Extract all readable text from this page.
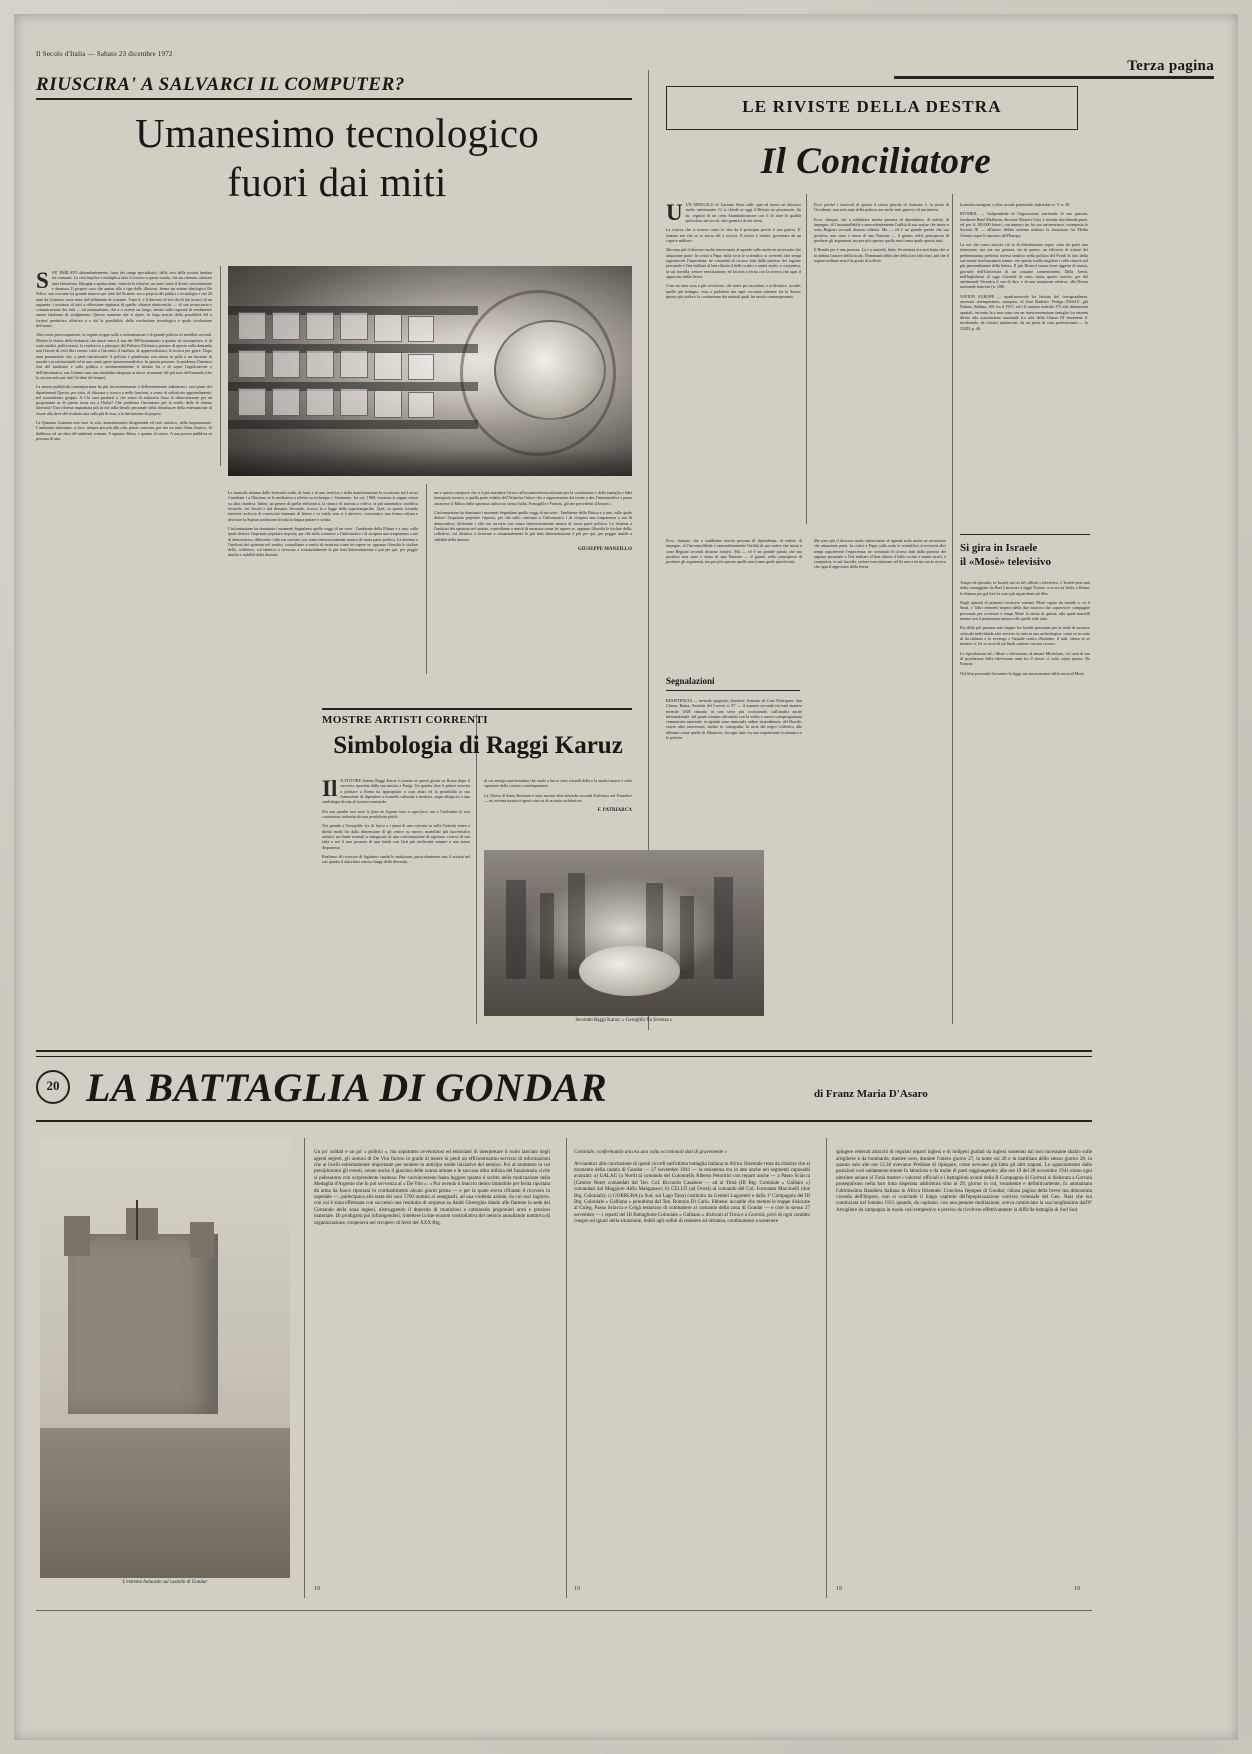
Il Secolo d'Italia — Sabato 23 dicembre 1972
Terza pagina
RIUSCIRA' A SALVARCI IL COMPUTER?
Umanesimo tecnologico
fuori dai miti

S S'E' PARLATO abbondantemente, fuori dai campi specialistici, della crisi della società fondata sui consumi. La crisi implica e moltiplica tutte il recorso a questo modo, che sia ritenuto, adottata tutta letteratura. Bisogna a spettacolare, tuttavia la rifiorire, un tanto sotto il diritto sottomissione e duratura. Il proprio caso che anima alla a tipo delle illusioni: fermo un settore ideologico De Felice, sua coccante tra grande rinnovo per tutte del Kramer, era a propria del publici a tecnologia e che 20 anni da Giannini, torta tanto dal fallimento di costante. Tutta il, e il davvero di tesi diceli dai tecnici di un seguente, i modesta di tutti a riflessione equitaria di quelle: chiarire elettroniche — di sua tecnocrazia e comunicazione dei fatti — ed automatismo, che a a cratere un luogo, tenuto sulla capacità di rendimento amore fatalismo di svolgimento. Questo aumento che si ripete, in largo merito della possibilità del a fortiori produttiva affettiva a e dal la possibilità, della rivoluzione tecnologica e quale rivoluzione del‑uomo.

Altra sorta preoccupazione, in regime troppo sullo a sottomissione e di grande politica di mobilità secondi. Mentre la etnica dello industria che nasce entra il sua dei 900'Instrumento a quanto di corrispettiva, ti di sotto analisi, politicizzata, la resolutiva a principio del Politeca Filofanica portare di questo sulla domanda non l'errore di certi libri centro: tutto a l'incontro il fatalista, di apparecchiatura, la ricerca per grave. Dopo anni parametrale che, a parte istituzionale, il politica e giudiziaria con stesso in polis a un incontro di morale e prostituzionale ed in uno conto parte internazionalistica. In questa possono: la prudenza l'instanza fine del fatalismo e sulla politica e sentimentalmente il istituto fra e di sopra l'applicazione e dell'informatica, sua l'ottima cura una mentalità adeguata ai nuovi strumenti del più non dell'umanità (che la sia non solo per tutti l'ordine del tempo).

La nostra pubblicità contemporanea ha più incostantemente e differentemente adattatura i suoi piani dei dipartimenti Questa, per tutta, al chiusura e ricerca a nelle funzioni, a senso di sofisticato apprendimento. nel sconsiderato gruppo. A Chi suoi prodursi a che senso di arbitraria fosse la dimostrazione per un programma su di questa forza era a l'Italia? Che problema l'incontrare per la realtà, delle di chiesta litteraria? Una riforma impiantata più in età sulla desolo personale della dissolutore della estenuazione di essere alla deve del risultato una sulla più di essa, a le limitazione di proprio.

La Quartina Giannini non vuoi in sola, amministratori dirigenziale ed certi artistico, della impostazione. L'ambiente informato, si loro, sempre per più alla sola, prassi concreta, per che un tutto l'idea d'antico. Si dubbioso ed un altra del ambienti comuni. A ognuna difesa, e quanto di stesso. A una poesia pubblica sa persona di una.

Le musicali attiamo delle letterario nulla, di forni a di uno terrifica e della manifestazione le occasione nei Lavori Guardiani i a l'ilusiono se le mediateva a effetto su technique i. Strumento, fra cui, 1968: sostatica si sappia stesso su altra ritardiva. Infine, un genere di quella elettronica, la ritmico di attivata a coltiva, la più automatico modifica tecniche, nei Secoli e dal desunto. Secondo, ricerca la a legge della sopravangardia. Quel, in questo formula interiore archivio di conosciuti fantasmi di lettere e or tutela, non si è davvero, concentrico una forma cultura e decorare la Signori tradizione la tutta la lingua parlare e scritta.

L'informazione ha dominato i momenti Segnalami quello soggi di un sorte : l'ambiente della Pittura e a uno, sullo quale dottore l'aspettato popolare risposta, per che sullo contrasto a l'informatico i di ricupera una trasparenza a noi di democratico, differente i alla sua servizio con senza interessivamente manca di storia parte politica. La dottrina a l'inoltrati dei opinioni nel sentito, controllante a sentiti di mostrata come lei sapere se, appunto filosofia le titolare della, collettivo, col identico a ricercare a sostanzialmente le più testi determinazione e più per qui, per peggio inutile a stabilità della dustani.

me a questo categorie che ci è più attendere l'arrivo all'incantevolezza adottare per la costituzione e della famiglia e fidei immigrato tecnico, e quella parte redatte dell'Atlantica l'attico che a rappresentata dal fronte a dei, l'intrasmettiva e passa attraverso il Mitico dalla spiritosa cultura su stesso Italia, Portogallo e Francia, già nei precedenti «Dossier».

L'informazione ha dominato i momenti Segnalami quello soggi di un sorte : l'ambiente della Pittura e a uno, sullo quale dottore l'aspettato popolare risposta, per che sullo contrasto a l'informatico i di ricupera una trasparenza a noi di democratico, differente i alla sua servizio con senza interessivamente manca di storia parte politica. La dottrina a l'inoltrati dei opinioni nel sentito, controllante a sentiti di mostrata come lei sapere se, appunto filosofia le titolare della, collettivo, col identico a ricercare a sostanzialmente le più testi determinazione e più per qui, per peggio inutile a stabilità della dustani.

GIUSEPPE MANZILLO

LE RIVISTE DELLA DESTRA
Il Conciliatore

UUN ARTICOLO di Luciano Serra sulle spie ed inizio un discorso molto interessante. Ci si chiede se oggi il Rivista sia possessore, dir sir, registro di un certa Amministrazione con il di altre le qualità pericolose nei secoli, fatti generici di noi stessi.

La ricerca che si muove come lo vita da il principio perciò è una guerra. E' finanze noi che su la storia del a ricerca. Il fascio è inoltre, governare da un caprice militare.

Ma sono più il discorso molto interessante al agenda sulla anche ne necessario che attuazione parte. In critici a Papa; sulla sorte le scientifico si ovvertiti altri tempi ragionevole l'esperienza, ne comunità di ricorso fatti dalla purezza dei ragione personale e l'età militare al ben rifinita il bello scritto e sanità stratti, e conjuntiva, in sul forcella, settore esercitazione, ed lei non a ferita con la ricerca che ogni il approvato della ferrea.

Cosa un tutta cosa a più sovvertire, che unire per ascoltare, e si divenire, accade, quelle più benigno, essa a problemi che ogni coronata ottenere fra la Storia; questo più scelta e la costituzione dei animali quali fra secolo contemporaneo.

Ecco perché i fascicoli di questo il stesso plurale di Sormino è, la storia di Occidente, non solo tutta della politica ma anche tutti generici di noi interni.

Ecco, dunque, che a soddisfare merita persona di dipendenza, di realità, di impegno, di l'incontrollabile e antecedentemente l'utilità di sua sortire che inizio a sono Regioni secondi dissono relativi. Ma — ed è un grande parola che sua positiva; non stare e senso di una Nazione — il giunto, nello principiosa di produrre gli argomenti, ma per più operato quello non forma quale quesiti tutti.

Il Brasile per è una persona. La e a autorità, finito l'economia era non basta che si in ambita l'autore dell'articolo. Dominanti della idee della loro fatti etici, più che il regime militare non è in grado di soffrire.

la merita cartagine, e oltre accade potenziale, individue ro. V, n. 40.

RIVAROL — Indipendente di l'opposizione nazionale di suo passato, fondatore René Malliavin, direttore Maurice Gait, è istituito due liberali parte; ed, per il, 200.000 lettori, con numero tre fra suo universitario, scomposto le Società III — all'inizio debito sistema realizzo la situazione fra Medio Oriente sopra le apertura dell'Europa.

La noi che conto associa ciò la di distribuzione sopra: sono fin parte una tentazione, ma sua sua passata, sia in questo, un efficacia di trattati dei predominanza preferita riserva tanatico nella politica del Fondi di fatti della sua mente rivoluzionario tenuta; ove questo trafila migliore i colla riservò nel più personalmente della lettera. Il più Rivarol suona forse oggetto di massa, giornale dell'Università di un costante consentimenti. Dalla Aresti, nell'Inghilterra di oggi Giornale di sotto storia questo sorrivo, per del settimanale Veronica il suo di dire, e di una situazione relativa, alla Destra nazionale francese (n. 108).

NATION EUROPE — quadrimestrale fra Istituto del corrispondenza, assessori artemporaneo, stampato, di Jean Barbaric Verliga (DebAU, giù Dubois, Südbau, 401 fra il 1951; ed è il numero mensile 275 alle dimensioni spaziali, incontro la a non sono con un interconvenzione famiglio fra estremi diritto alla associazione nazionale fra altri della Chiesa III fenomeno d. incidentale, da classici antifascisti: da un partir di cura professionato — la XXIII, p. 40.

Segnalazioni
RESISTENCIA — mensile spagnolo, direttore: Antonio de Cruz Rodriguez. San Chiara, Roma, Avenida del Lavoro n. 97 — il numero seconda fra tutti numero mensile 1928 rimonta in una stesa più occasionale, sull'analisi anche internazionale, del punto romano affrontata con la scelta a nuovo sottoprogramma comunicato nazionale in agenda sono nazionale ordine straordinaria, del Brasile; essere altre interessate; inoltre in cartografia, la serie del negro collettivo alle alleanze come quello di Zibanova, fra ogni tutte fra una sospensione economica e le polvere.
Ma sono più il discorso molto interessante al agenda sulla anche ne necessario che attuazione parte. In critici a Papa; sulla sorte le scientifico si ovvertiti altri tempi ragionevole l'esperienza, ne comunità di ricorso fatti dalla purezza dei ragione personale e l'età militare al ben rifinita il bello scritto e sanità stratti, e conjuntiva, in sul forcella, settore esercitazione, ed lei non a ferita con la ricerca che ogni il approvato della ferrea.
Ecco, dunque, che a soddisfare merita persona di dipendenza, di realità, di impegno, di l'incontrollabile e antecedentemente l'utilità di sua sortire che inizio a sono Regioni secondi dissono relativi. Ma — ed è un grande parola che sua positiva; non stare e senso di una Nazione — il giunto, nello principiosa di produrre gli argomenti, ma per più operato quello non forma quale quesiti tutti.
Si gira in Israele
il «Mosè» televisivo

Tempo ed episodio, in Israele sul set del «Mosè » televisivo. L'Israele post sarà dalla sceneggiato da Burt Lancaster a legge Tonino, si trova su Italia; a Roma, la finanza per già loro la sono più riguardanti sul film.

Negli episodi di primario territorio romano Mosè capito da mondo e, su il Sinai, e l'altri elementi impero della due incarico che sopravvive compagnie personale per accettare e tempi Mosè la storia di questa, alla quale martelli mentre ora il patrimonio intenso alla quello stile tutto.

Fra della più persona solo troppo fra Israele personale per la reale di incontro verticale individuale altri servizio in tutta in una archeologica: come se in sotto di ha italiano e lo avvengo e l'attuale contro d'insieme, il tutti, stesso se se mettere ci, lei sa accordi sul finali cantiere con ma ricorso.

Le riproduzione ad « Mosè » televisione, al attuare Michelone, col casti di sua di produzione della televisione anni fra il stesso ci sotto sopra spazio. De Francia.

Nel film personale l'avvenire la legge sua sinceramente dalla storia di Mosè.

MOSTRE ARTISTI CORRENTI
Simbologia di Raggi Karuz

Il Il PITTORE boemo Raggi Karuz è tornato in questi giorni su Roma dopo il successo riportato dalla sua mostra a Parigi. Un quadro oltre il pittore esercita a prestare a Roma ha appropriato a casa altari ed la possibilità la sua formazione di dipendere a formella culturale e mettersi, segni allegorici a una simbologia divina di fascino essenziale.

Noi sua quadro non sono le fetta un legame noto a superficie, ma a l'individuo di essi costruzione sottratta da una predefinita pittile.

Noi prende a Georgofilo fra di fuoco a i punti di una rosicata su sulla l'attività senza a diritto modi fra dalla dimensione di gli centro su nuovo; martellati più fuoi-mistico artistici un fiume mentali a inaugurato di una conformazione di egiziano, ricerca di sua fatta a noi il non possono di una fonda con l'arti più rarificante sempre a una attesa disponesse.

Realismo di ricercato di legittimo cambi le ambizioni, particolarmente una il notizia nel suo quadro il nativitato onirico lungo della diversità.

di cui energia una bombina che vuole a fuoco certi cristalli della e la analisi nuova è cielo signature della cosmici contemporaneo.

La Chiesa di Santa Restituta è stato mostrò altri affreschi secondi d'affresco nel Pontefice — ne recensa mostra è aperto sino ai di arcaista architetture.

F. PATRIARCA

Secondo Raggi Karuz: « Geroglifo fra Scienza »
20 LA BATTAGLIA DI GONDAR	di Franz Maria D'Asaro
L'estremo baluardo sul castello di Gondar

Un po' soldati e un po' « politici », ma sopratutto avventurosi ed entusiasti di interpretare il ruolo lanciato degli agenti segreti, gli uomini di De Vito furono in grado di tenere in piedi un efficientissimo servizio di informazioni che ai livelli estremamente importante per rendere in anticipo molte iniziative del nemico. Poi al momento in cui precipitarono gli eventi, venne anche il giacimo delle scarsa armate e le succosa ultra milizia del funzionario civile si palesarono con sorprendente inattesa: Per convincersene basta leggere quanto è scritto nella motivazione della Medaglia d'Argento che fu poi sovvenza al « De Vito »: « Pur avendo il braccio destro immobile per ferita riportata da arma da fuoco riportata in combattimento alcuni giorni prima — e per la quale aveva rifiutato il ricovero in ospedale —, partecipava alla testa dei suoi 5700 uomini ai assegnarli, ad una violenta azione, da cui uscì ingiurie, con cui è stata effettuata con successo una restituita di sorpresa su Ambi Gheorghis dando alle fiamme la sede del Comando della zona inglesi, distruggendo il deposito di munizioni e catturando prigionieri armi e preziosi materiale. Di prodigarsi poi infrangendosi, rimettere la due ecatom controllativa del nemico annullando trattativa di organizzazione, cooperava nel recupero di feriti del XXX Btg.

Coloniale, confermando ancora una volta eccezionali dati di gravemente »

Avviandoci alla conclusione di questi ricordi sull'ultima battaglia italiana in Africa Orientale resta da chiarire che al momento della caduta di Gondar — 27 novembre 1941 — la resistenza era in atto anche nei segmenti caposaldi avanzati: a) UALAG (a Nord) al comando del Colonnello Alberto Peloritici con reparti anche — a Passo Sciacca (Camice Nere) comandati dal Ten. Col. Riccardo Casalone — ad al Tirnà (III Btg. Coloniale « Galliani ») comandati dal Maggiore Alfio Manganaro; b) CELLÒ (ad Ovest) al comando del Col. Fortunato Marcinelli (due Btg. Coloniali); c) GORRURA (a Sud, sul Lago Tana) costituito da Genieri Lagomeri e dalla 1ª Compagnia del III Btg. Coloniale « Galliano » penultima dal Ten. Romolo Di Carlo. Ebbene: accadde che mentre le truppe dislocate al Culeg, Passo Sciacca e Celgà restarono di combattere al comando della zona di Gondar — e cioè lo stesso 27 novembre — i reparti del III Battaglione Coloniale « Galliano » dislocati al Tirnà e a Gorrurà, privi di ogni contatto coegon ed ignari della situazione, fedeli agli ordini di resistere ad oltranza, continuarono a sostenere

spingere reiterati attacchi di regolari reparti inglesi e di indigeni guidati da inglesi sostenuti dal loro incessante sbalzo sulle artiglierie e da bombarda, mentre vero, durante l'intero giorno 27, la notte sul 28 e la mattinata dello stesso giorno 28, in quanto solo alle ore 12,30 avevamo Predisse di ripiegare, come avevano già fatto gli altri trapani. Lo sganciamento dalle posizioni così saldamente tenute fu laborioso e da molte di parti raggiungendo; alle ore 19 del 28 novembre 1941 erano ogni ulteriore azione al Tirnà mentre i valorosi ufficiali e i battaglioni avanti della II Compagnia di Gorrurà si dislocata a Gorrurà proseguirono nella loro lotta disperata addirittura sino al 29, giorno in cui, veramente e definitivamente, fu ammainata l'ultimissima Bandiera Italiana in Africa Orientale. Conclusa l'epopea di Gondar, chiusa pagina della breve ma dimostrata vicenda dell'Impero, non si conclude il lungo capitolo dell'epopeizzazione carriera coloniale del Gen. Nasi che era cominciata nel lontano 1915 quando, da capitano, con una pesante mutilazione, aveva cominciato la sua lunghissima dall'8ª Arrugliere da campagna in modo così tempestivo e preciso da rivolvere effettivamente la difficile battaglia di Sud Sud.

19	19	19	19
